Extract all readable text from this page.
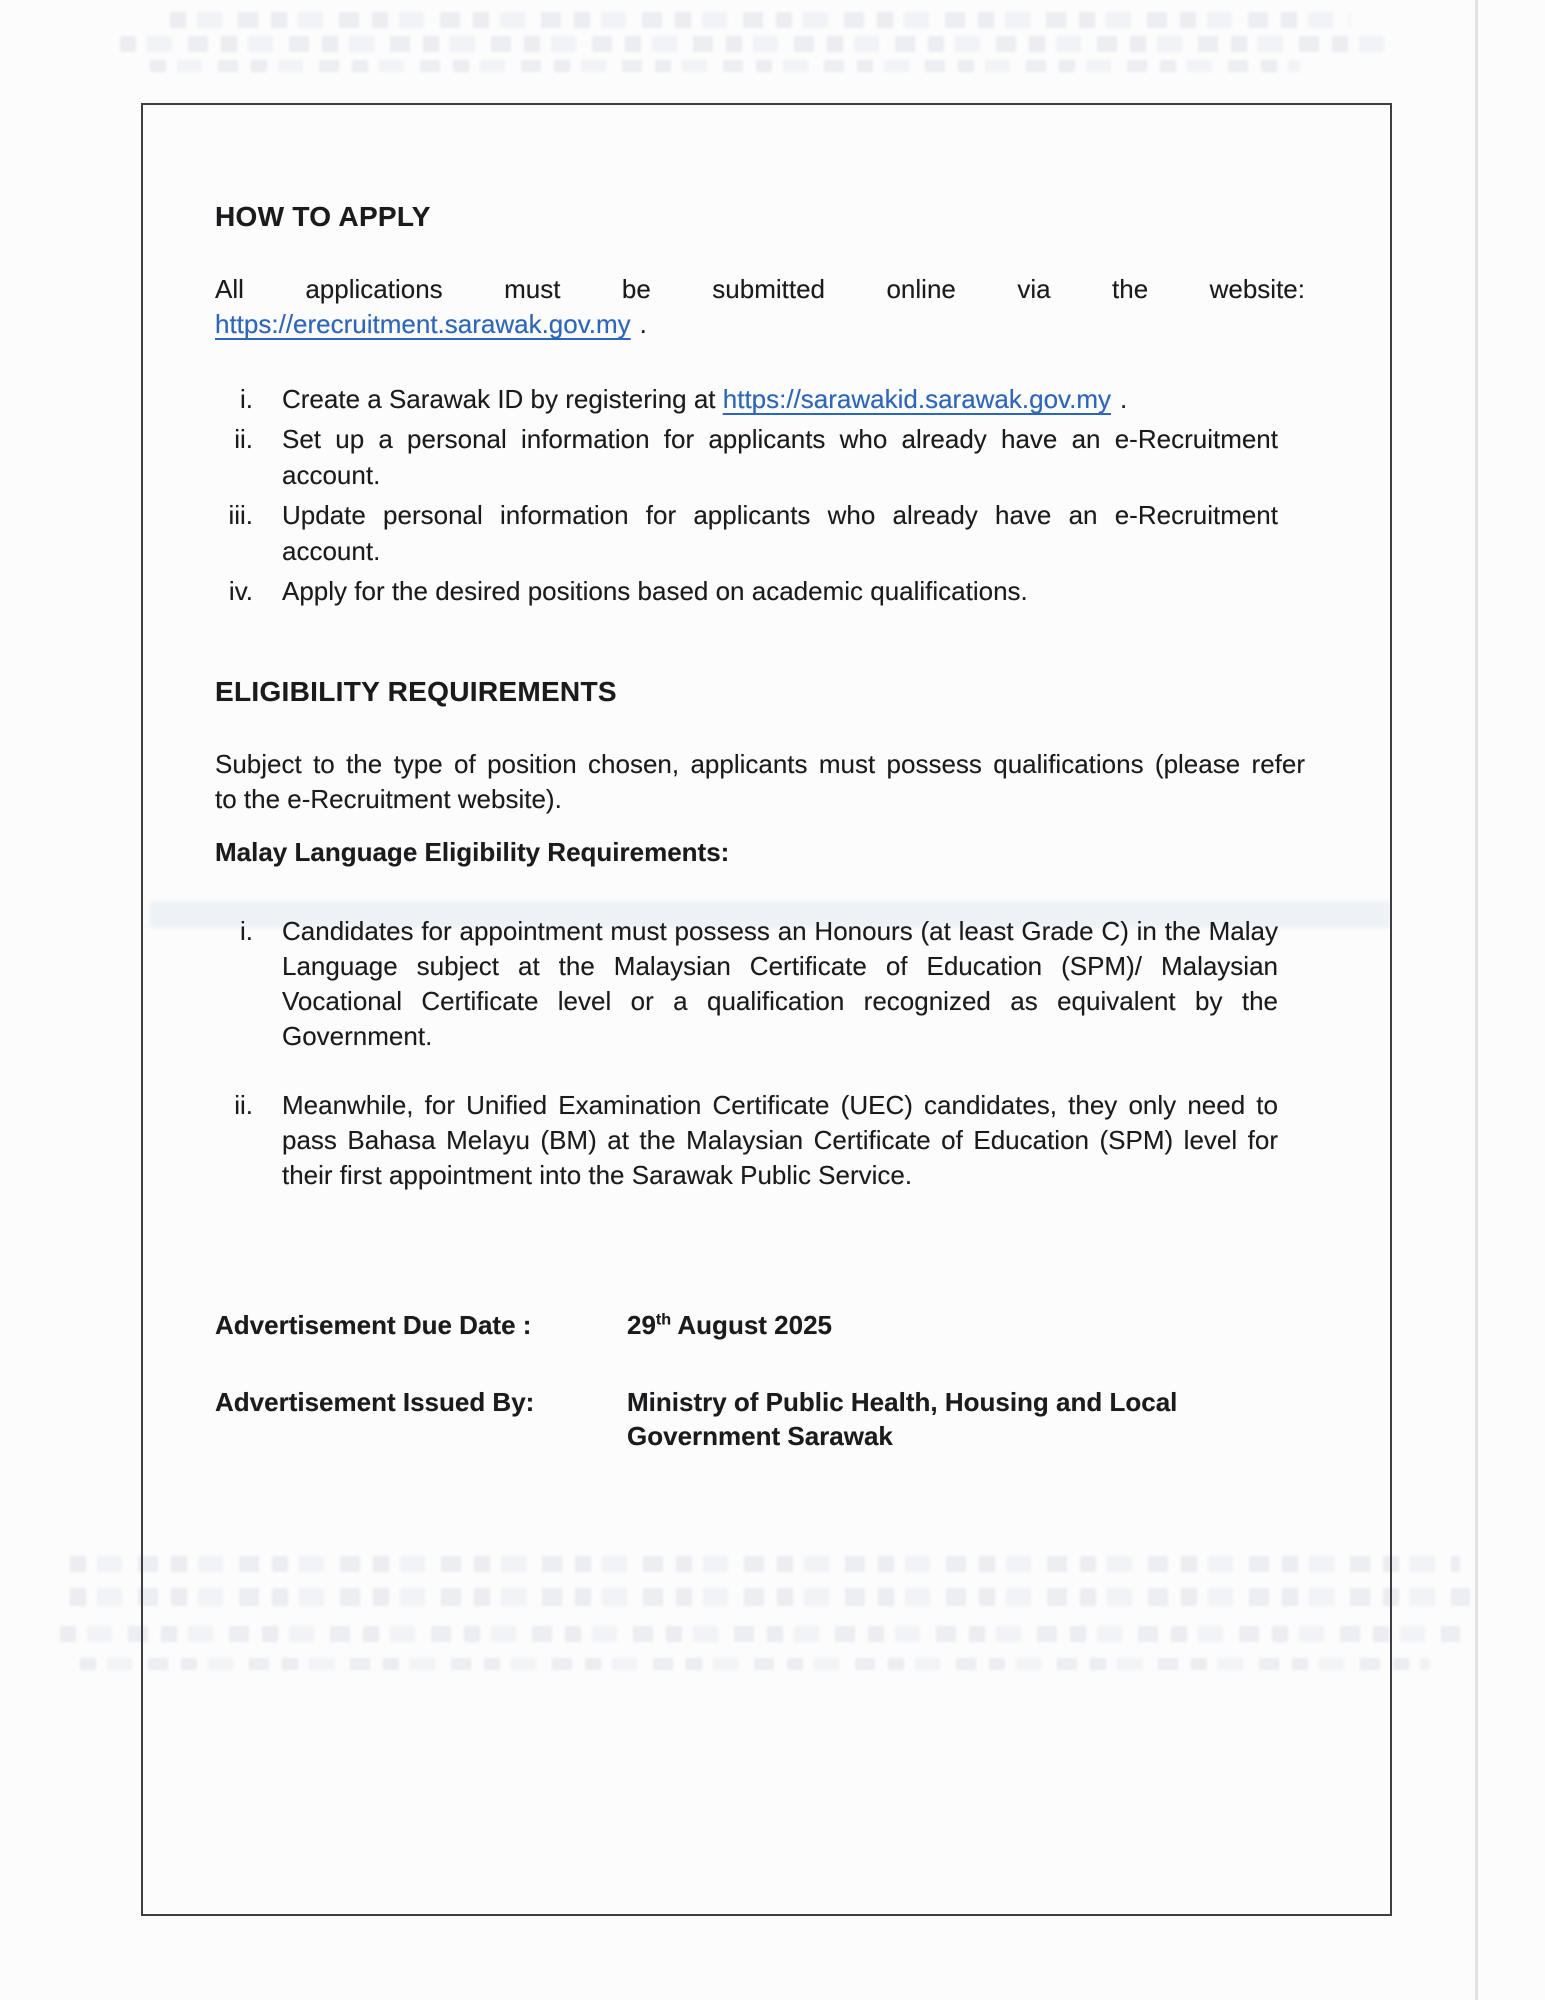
HOW TO APPLY
All applications must be submitted online via the website:
https://erecruitment.sarawak.gov.my .
i. Create a Sarawak ID by registering at https://sarawakid.sarawak.gov.my .
ii. Set up a personal information for applicants who already have an e-Recruitment
account.
iii. Update personal information for applicants who already have an e-Recruitment
account.
iv. Apply for the desired positions based on academic qualifications.
ELIGIBILITY REQUIREMENTS
Subject to the type of position chosen, applicants must possess qualifications (please refer
to the e-Recruitment website).
Malay Language Eligibility Requirements:
i. Candidates for appointment must possess an Honours (at least Grade C) in the Malay
Language subject at the Malaysian Certificate of Education (SPM)/ Malaysian
Vocational Certificate level or a qualification recognized as equivalent by the
Government.
ii. Meanwhile, for Unified Examination Certificate (UEC) candidates, they only need to
pass Bahasa Melayu (BM) at the Malaysian Certificate of Education (SPM) level for
their first appointment into the Sarawak Public Service.
Advertisement Due Date :	29th August 2025
Advertisement Issued By:	Ministry of Public Health, Housing and Local
Government Sarawak
